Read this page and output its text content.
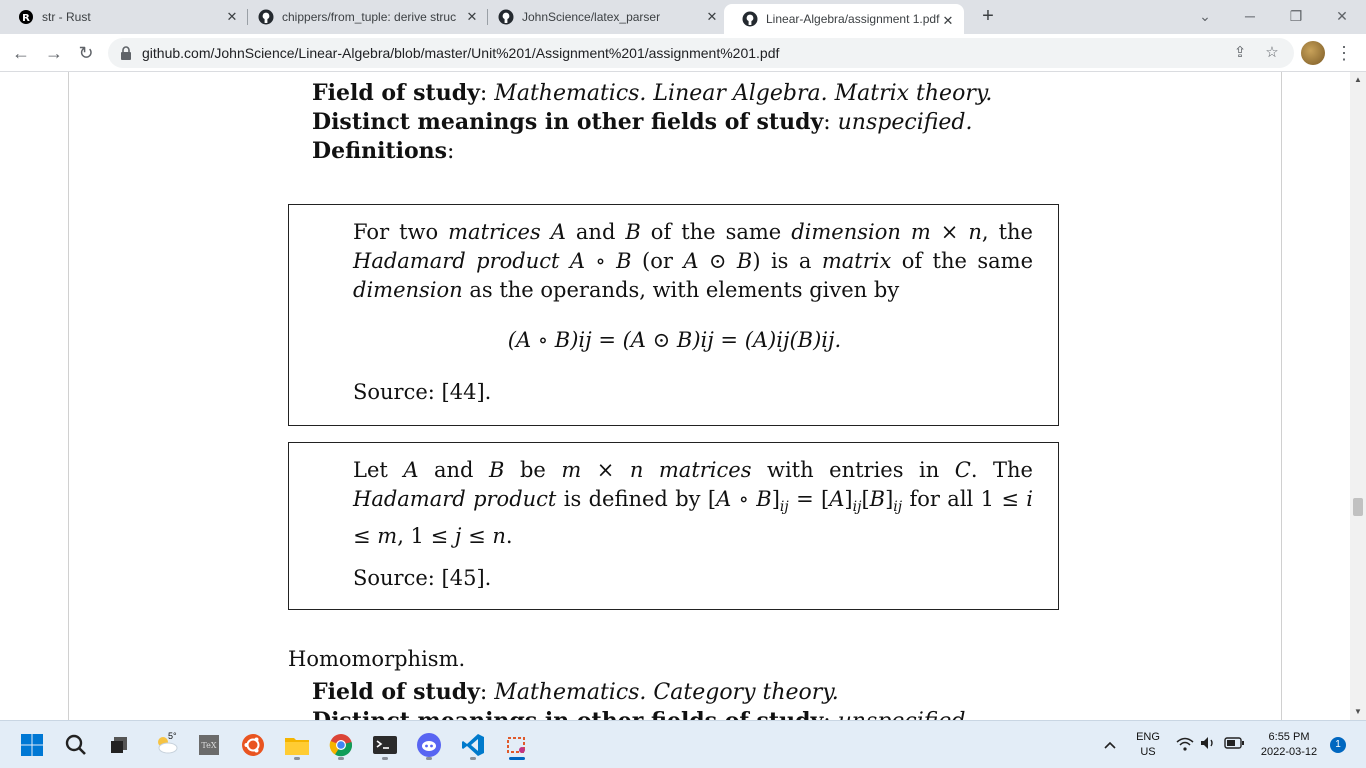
R str - Rust	✕	chippers/from_tuple: derive struc ✕	JohnScience/latex_parser	✕	Linear-Algebra/assignment 1.pdf ✕ +	⌄	─	❐	✕
← → ↻	github.com/JohnScience/Linear-Algebra/blob/master/Unit%201/Assignment%201/assignment%201.pdf	⇪	☆	⋮
Field of study: Mathematics. Linear Algebra. Matrix theory.
Distinct meanings in other fields of study: unspecified.
Definitions:
For two matrices A and B of the same dimension m × n, the Hadamard product A ∘ B (or A ⊙ B) is a matrix of the same dimension as the operands, with elements given by
(A ∘ B)ij = (A ⊙ B)ij = (A)ij(B)ij.
Source: [44].
Let A and B be m × n matrices with entries in C. The Hadamard product is defined by [A ∘ $B]_{ij} = [A]_{ij}[B]_{ij}$ for all 1 ≤ i ≤ m, 1 ≤ j ≤ n.
Source: [45].
Homomorphism.
Field of study: Mathematics. Category theory.
▲
▼
5°
TeX
ENG
US
6:55 PM
2022-03-12
1
